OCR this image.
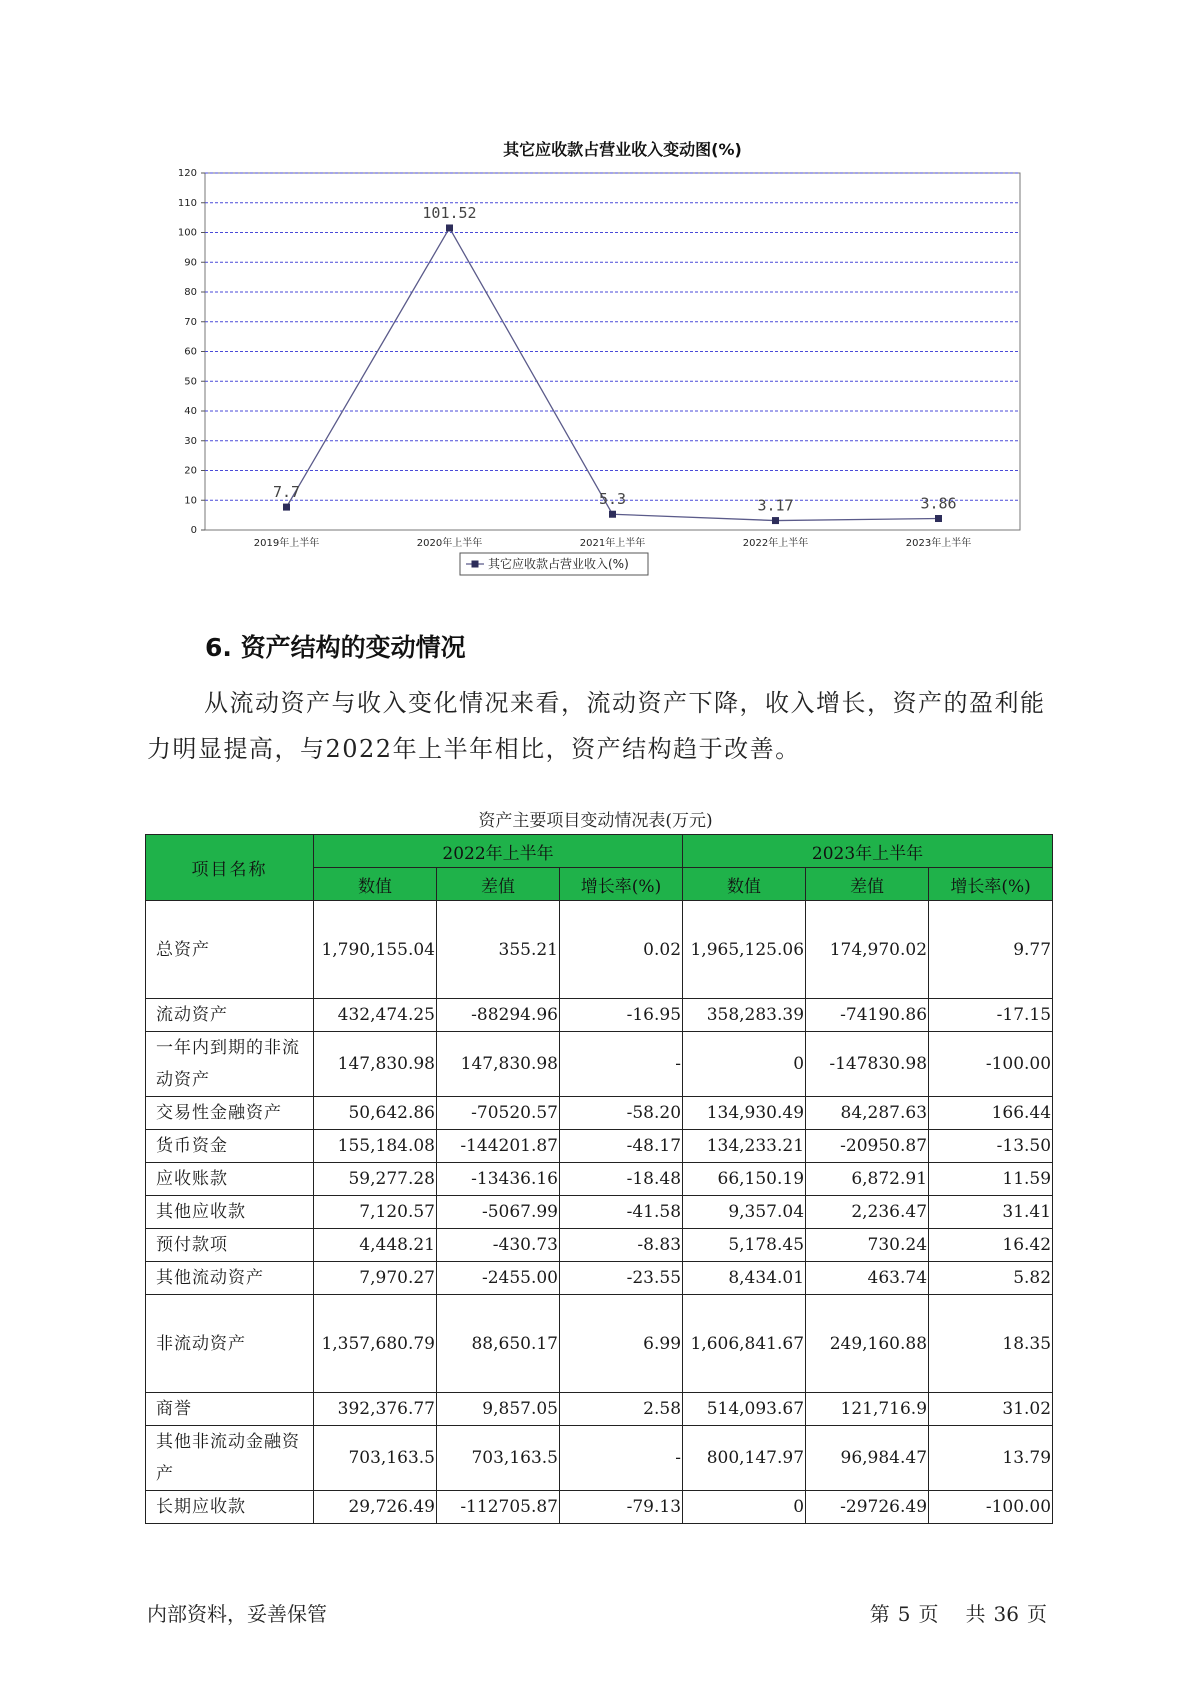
其它应收款占营业收入变动图(%)
0
10
20
30
40
50
60
70
80
90
100
110
120
2019年上半年	2020年上半年	2021年上半年	2022年上半年	2023年上半年
7.7
101.52
5.3	3.17	3.86
其它应收款占营业收入(%)
6. 资产结构的变动情况

从流动资产与收入变化情况来看，流动资产下降，收入增长，资产的盈利能力明显提高，与2022年上半年相比，资产结构趋于改善。

资产主要项目变动情况表(万元)
项目名称	2022年上半年			2023年上半年		
	数值	差值	增长率(%)	数值	差值	增长率(%)
总资产	1,790,155.04	355.21	0.02	1,965,125.06	174,970.02	9.77
流动资产	432,474.25	-88294.96	-16.95	358,283.39	-74190.86	-17.15
一年内到期的非流动资产	147,830.98	147,830.98	-	0	-147830.98	-100.00
交易性金融资产	50,642.86	-70520.57	-58.20	134,930.49	84,287.63	166.44
货币资金	155,184.08	-144201.87	-48.17	134,233.21	-20950.87	-13.50
应收账款	59,277.28	-13436.16	-18.48	66,150.19	6,872.91	11.59
其他应收款	7,120.57	-5067.99	-41.58	9,357.04	2,236.47	31.41
预付款项	4,448.21	-430.73	-8.83	5,178.45	730.24	16.42
其他流动资产	7,970.27	-2455.00	-23.55	8,434.01	463.74	5.82
非流动资产	1,357,680.79	88,650.17	6.99	1,606,841.67	249,160.88	18.35
商誉	392,376.77	9,857.05	2.58	514,093.67	121,716.9	31.02
其他非流动金融资产	703,163.5	703,163.5	-	800,147.97	96,984.47	13.79
长期应收款	29,726.49	-112705.87	-79.13	0	-29726.49	-100.00
内部资料，妥善保管	第 5 页 共 36 页
